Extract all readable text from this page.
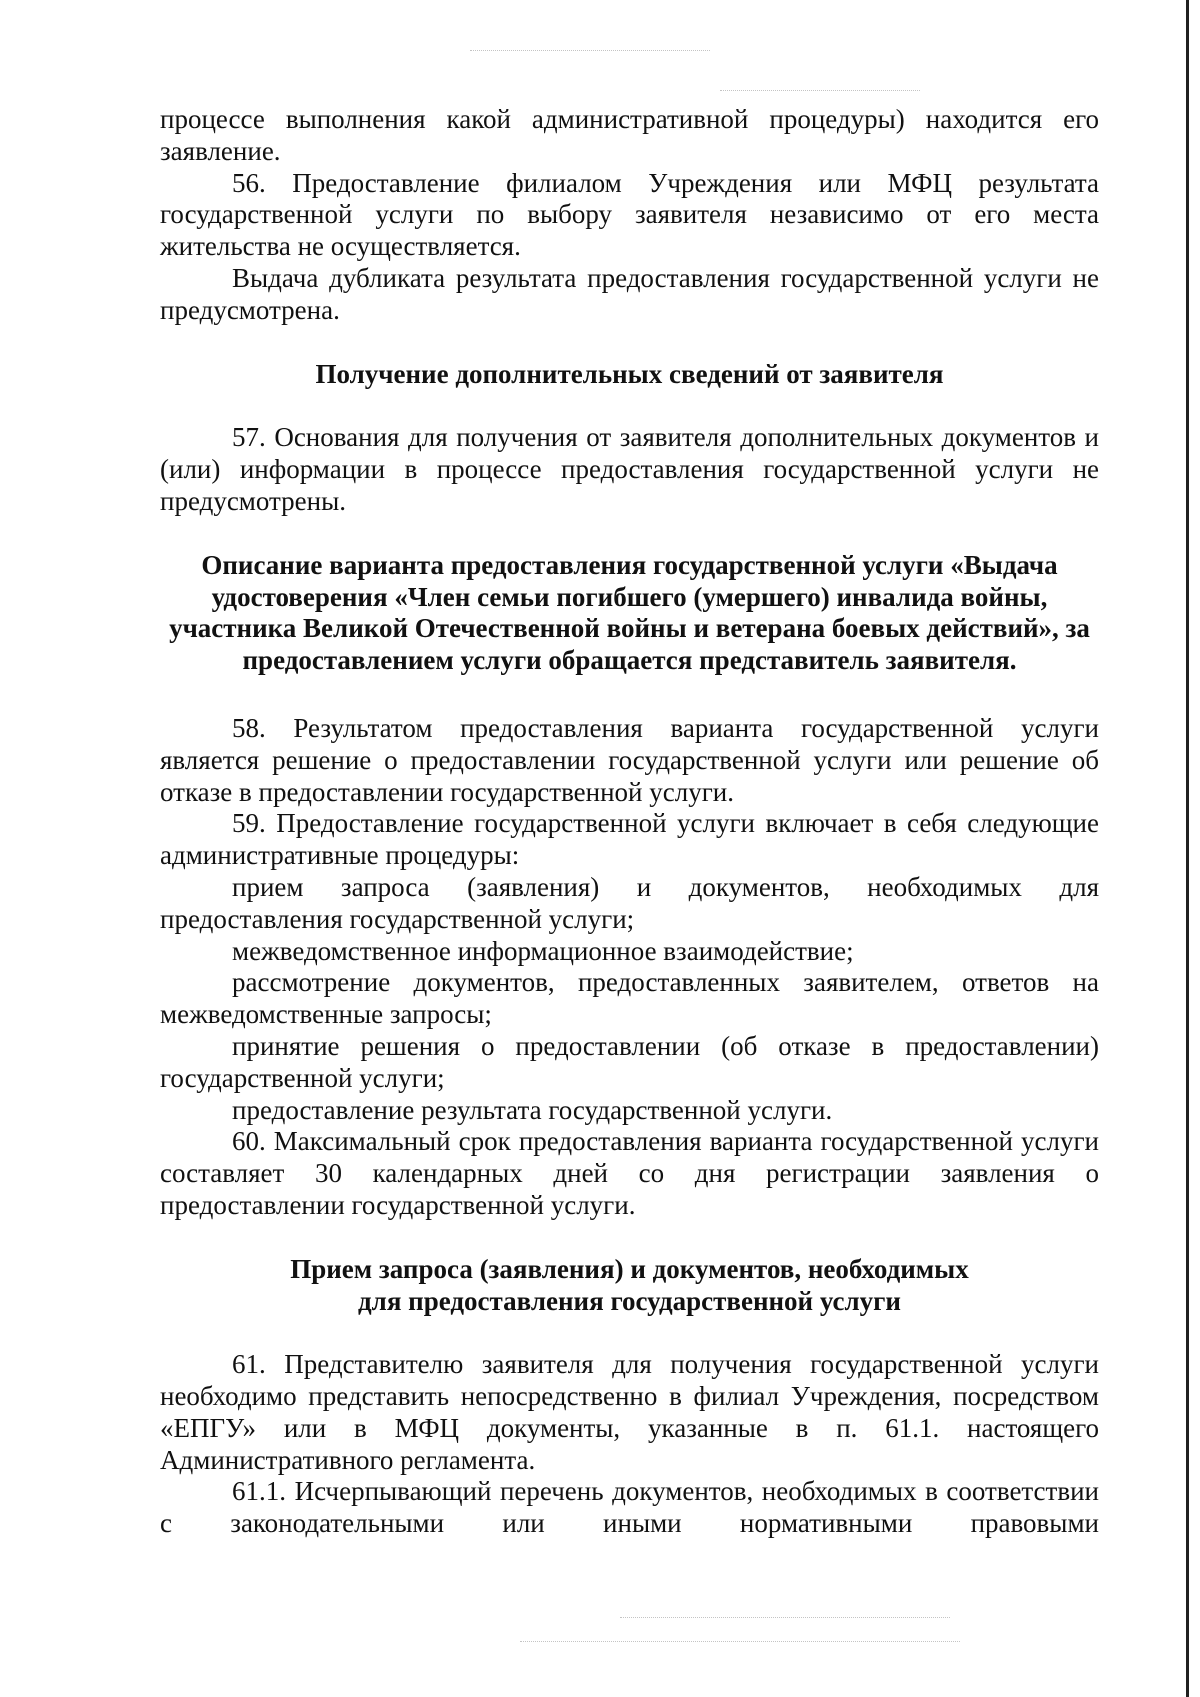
процессе выполнения какой административной процедуры) находится его заявление.

56. Предоставление филиалом Учреждения или МФЦ результата государственной услуги по выбору заявителя независимо от его места жительства не осуществляется.

Выдача дубликата результата предоставления государственной услуги не предусмотрена.

Получение дополнительных сведений от заявителя

57. Основания для получения от заявителя дополнительных документов и (или) информации в процессе предоставления государственной услуги не предусмотрены.

Описание варианта предоставления государственной услуги «Выдача удостоверения «Член семьи погибшего (умершего) инвалида войны, участника Великой Отечественной войны и ветерана боевых действий», за предоставлением услуги обращается представитель заявителя.

58. Результатом предоставления варианта государственной услуги является решение о предоставлении государственной услуги или решение об отказе в предоставлении государственной услуги.

59. Предоставление государственной услуги включает в себя следующие административные процедуры:

прием запроса (заявления) и документов, необходимых для предоставления государственной услуги;

межведомственное информационное взаимодействие;

рассмотрение документов, предоставленных заявителем, ответов на межведомственные запросы;

принятие решения о предоставлении (об отказе в предоставлении) государственной услуги;

предоставление результата государственной услуги.

60. Максимальный срок предоставления варианта государственной услуги составляет 30 календарных дней со дня регистрации заявления о предоставлении государственной услуги.

Прием запроса (заявления) и документов, необходимых для предоставления государственной услуги

61. Представителю заявителя для получения государственной услуги необходимо представить непосредственно в филиал Учреждения, посредством «ЕПГУ» или в МФЦ документы, указанные в п. 61.1. настоящего Административного регламента.

61.1. Исчерпывающий перечень документов, необходимых в соответствии с законодательными или иными нормативными правовыми
